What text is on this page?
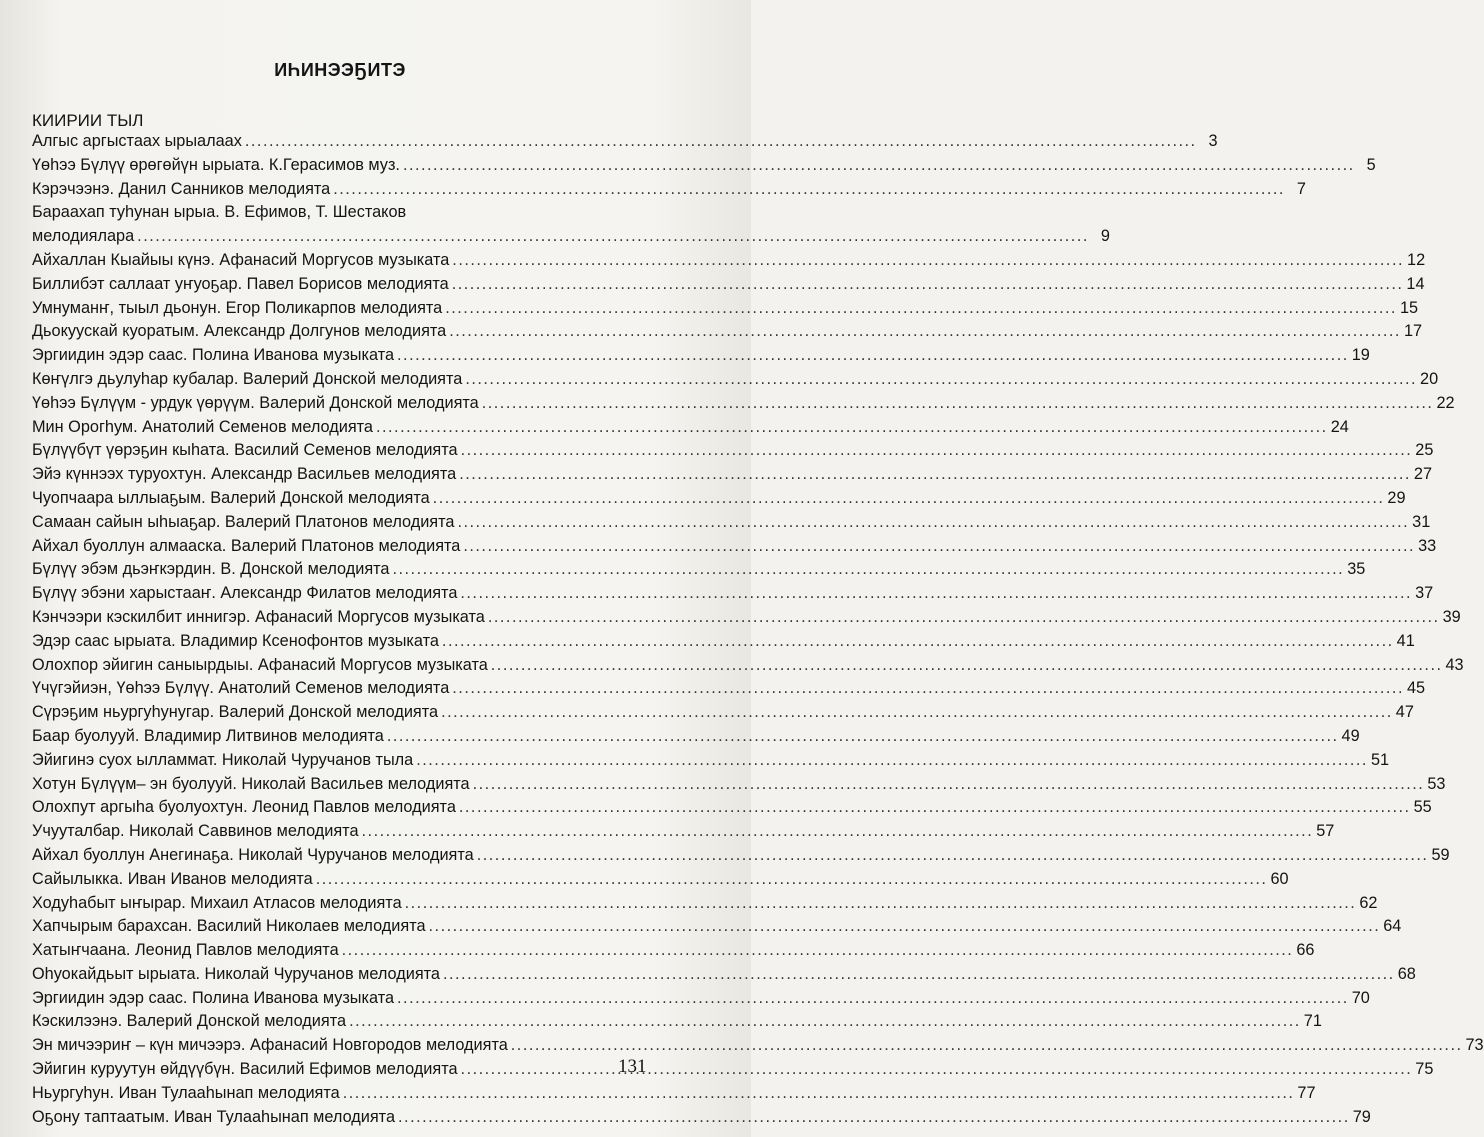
ИҺИНЭЭҔИТЭ
КИИРИИ ТЫЛ
Алгыс аргыстаах ырыалаах .....	3
Үөһээ Бүлүү өрөгөйүн ырыата. К.Герасимов муз. .....	5
Кэрэчээнэ. Данил Санников мелодията .....	7
Бараахап туһунан ырыа. В. Ефимов, Т. Шестаков
мелодиялара .....	9
Айхаллан Кыайыы күнэ. Афанасий Моргусов музыката .....	12
Биллибэт саллаат уҥуоҕар. Павел Борисов мелодията .....	14
Умнуманҥ, тыыл дьонун. Егор Поликарпов мелодията .....	15
Дьокуускай куоратым. Александр Долгунов мелодията .....	17
Эргиидин эдэр саас. Полина Иванова музыката .....	19
Көҥүлгэ дьулуһар кубалар. Валерий Донской мелодията .....	20
Үөһээ Бүлүүм - урдук үөрүүм. Валерий Донской мелодията .....	22
Мин Орогһум. Анатолий Семенов мелодията .....	24
Бүлүүбүт үөрэҕин кыһата. Василий Семенов мелодията .....	25
Эйэ күннээх туруохтун. Александр Васильев мелодията .....	27
Чуопчаара ыллыаҕым. Валерий Донской мелодията .....	29
Самаан сайын ыһыаҕар. Валерий Платонов мелодията .....	31
Айхал буоллун алмааска. Валерий Платонов мелодията .....	33
Бүлүү эбэм дьэҥкэрдин. В. Донской мелодията .....	35
Бүлүү эбэни харыстааҥ. Александр Филатов мелодията .....	37
Кэнчээри кэскилбит иннигэр. Афанасий Моргусов музыката .....	39
Эдэр саас ырыата. Владимир Ксенофонтов музыката .....	41
Олохпор эйигин саныырдыы. Афанасий Моргусов музыката .....	43
Үчүгэйиэн, Үөһээ Бүлүү. Анатолий Семенов мелодията .....	45
Сүрэҕим ньургуһунугар. Валерий Донской мелодията .....	47
Баар буолууй. Владимир Литвинов мелодията .....	49
Эйигинэ суох ылламмат. Николай Чуручанов тыла .....	51
Хотун Бүлүүм– эн буолууй. Николай Васильев мелодията .....	53
Олохпут аргыһа буолуохтун. Леонид Павлов мелодията .....	55
Учууталбар. Николай Саввинов мелодията .....	57
Айхал буоллун Анегинаҕа. Николай Чуручанов мелодията .....	59
Сайылыкка. Иван Иванов мелодията .....	60
Ходуһабыт ыҥырар. Михаил Атласов мелодията .....	62
Хапчырым барахсан. Василий Николаев мелодията .....	64
Хатыҥчаана. Леонид Павлов мелодията .....	66
Оһуокайдьыт ырыата. Николай Чуручанов мелодията .....	68
Эргиидин эдэр саас. Полина Иванова музыката .....	70
Кэскилээнэ. Валерий Донской мелодията .....	71
Эн мичээриҥ – күн мичээрэ. Афанасий Новгородов мелодията .....	73
Эйигин куруутун өйдүүбүн. Василий Ефимов мелодията .....	75
Ньургуһун. Иван Тулааһынап мелодията .....	77
Оҕону таптаатым. Иван Тулааһынап мелодията .....	79
131
